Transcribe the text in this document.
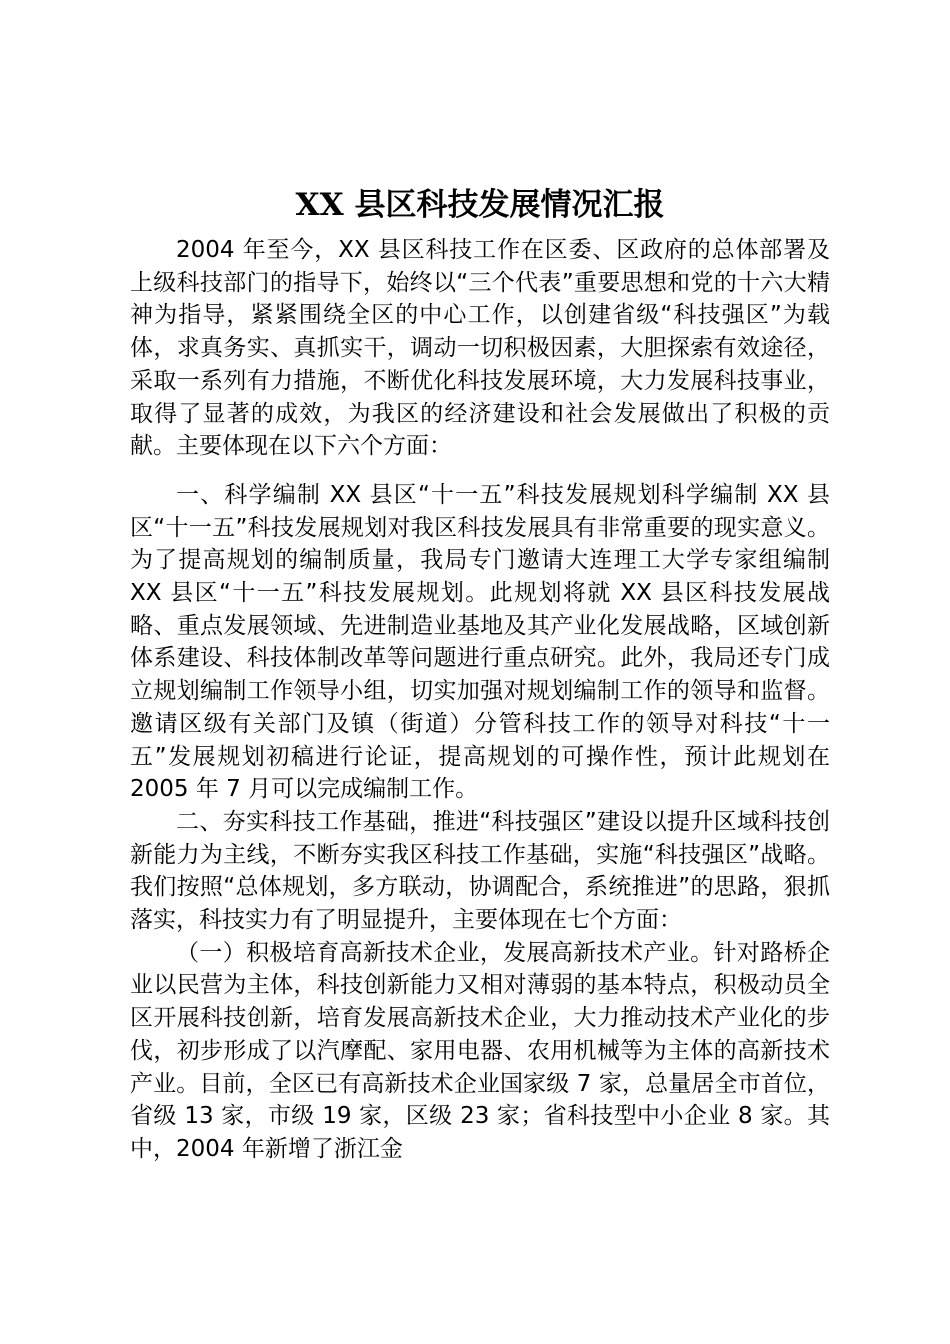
XX 县区科技发展情况汇报

2004 年至今，XX 县区科技工作在区委、区政府的总体部署及上级科技部门的指导下，始终以“三个代表”重要思想和党的十六大精神为指导，紧紧围绕全区的中心工作，以创建省级“科技强区”为载体，求真务实、真抓实干，调动一切积极因素，大胆探索有效途径，采取一系列有力措施，不断优化科技发展环境，大力发展科技事业，取得了显著的成效，为我区的经济建设和社会发展做出了积极的贡献。主要体现在以下六个方面：

一、科学编制 XX 县区“十一五”科技发展规划科学编制 XX 县区“十一五”科技发展规划对我区科技发展具有非常重要的现实意义。为了提高规划的编制质量，我局专门邀请大连理工大学专家组编制 XX 县区“十一五”科技发展规划。此规划将就 XX 县区科技发展战略、重点发展领域、先进制造业基地及其产业化发展战略，区域创新体系建设、科技体制改革等问题进行重点研究。此外，我局还专门成立规划编制工作领导小组，切实加强对规划编制工作的领导和监督。邀请区级有关部门及镇（街道）分管科技工作的领导对科技“十一五”发展规划初稿进行论证，提高规划的可操作性，预计此规划在 2005 年 7 月可以完成编制工作。

二、夯实科技工作基础，推进“科技强区”建设以提升区域科技创新能力为主线，不断夯实我区科技工作基础，实施“科技强区”战略。我们按照“总体规划，多方联动，协调配合，系统推进”的思路，狠抓落实，科技实力有了明显提升，主要体现在七个方面：

（一）积极培育高新技术企业，发展高新技术产业。针对路桥企业以民营为主体，科技创新能力又相对薄弱的基本特点，积极动员全区开展科技创新，培育发展高新技术企业，大力推动技术产业化的步伐，初步形成了以汽摩配、家用电器、农用机械等为主体的高新技术产业。目前，全区已有高新技术企业国家级 7 家，总量居全市首位，省级 13 家，市级 19 家，区级 23 家；省科技型中小企业 8 家。其中，2004 年新增了浙江金
